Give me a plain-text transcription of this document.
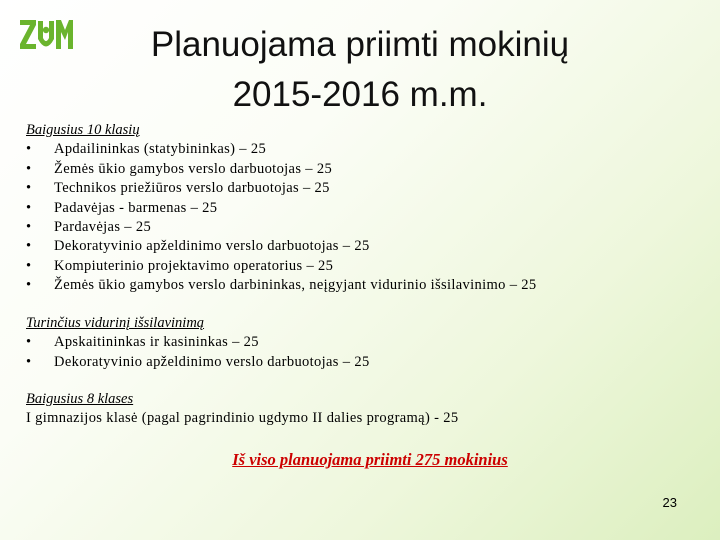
Planuojama priimti mokinių
2015-2016 m.m.
Baigusius 10 klasių
•	Apdailininkas (statybininkas) – 25
•	Žemės ūkio gamybos verslo darbuotojas – 25
•	Technikos priežiūros verslo darbuotojas – 25
•	Padavėjas - barmenas – 25
•	Pardavėjas – 25
•	Dekoratyvinio apželdinimo verslo darbuotojas – 25
•	Kompiuterinio projektavimo operatorius – 25
•	Žemės ūkio gamybos verslo darbininkas, neįgyjant vidurinio išsilavinimo – 25
Turinčius vidurinį išsilavinimą
•	Apskaitininkas ir kasininkas – 25
•	Dekoratyvinio apželdinimo verslo darbuotojas – 25
Baigusius 8 klases
I gimnazijos klasė (pagal pagrindinio ugdymo II dalies programą) - 25
Iš viso planuojama priimti 275 mokinius
23
